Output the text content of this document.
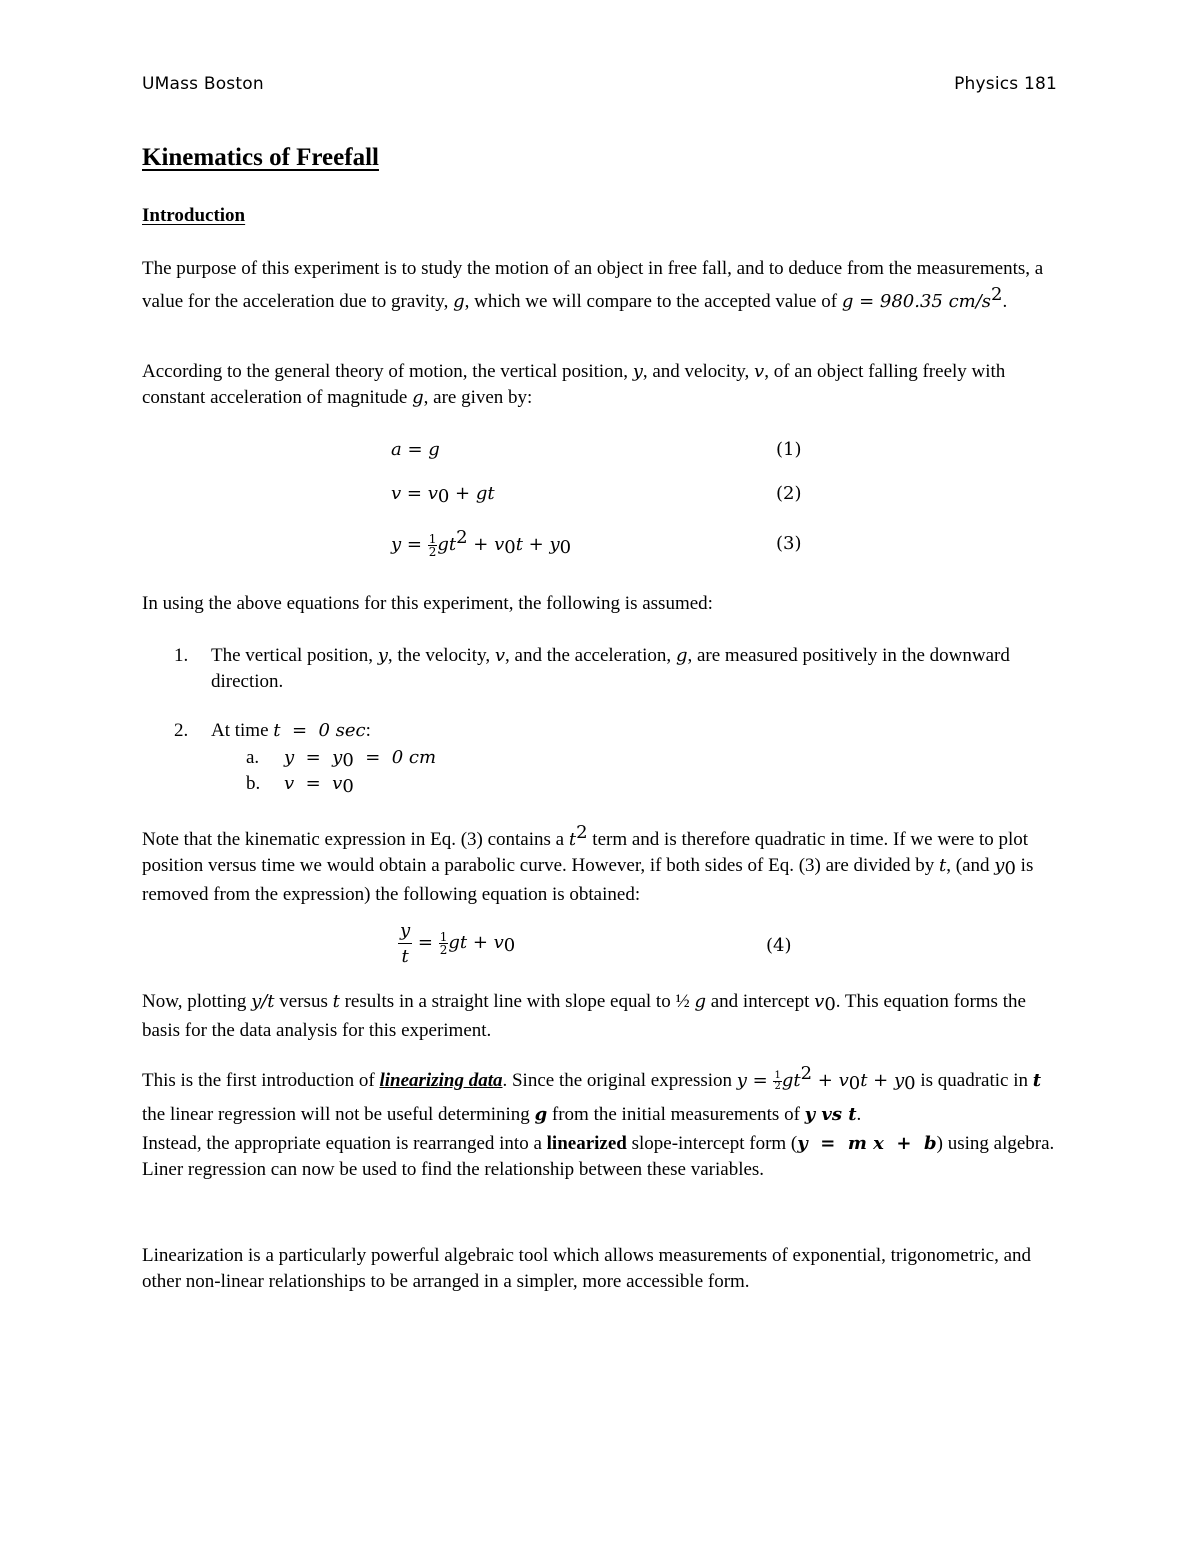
UMass Boston	Physics 181
Kinematics of Freefall
Introduction
The purpose of this experiment is to study the motion of an object in free fall, and to deduce from the measurements, a value for the acceleration due to gravity, g, which we will compare to the accepted value of g = 980.35 $cm/s^2$.
According to the general theory of motion, the vertical position, y, and velocity, v, of an object falling freely with constant acceleration of magnitude g, are given by:
a = g	(1)
$v = v_0$ + gt	(2)
$y = \frac{1}{2} gt^2 + v_0t + y_0$	(3)
In using the above equations for this experiment, the following is assumed:
1. The vertical position, y, the velocity, v, and the acceleration, g, are measured positively in the downward direction.
2. At time t  =  0 sec:
a. $y = y_0 = 0$ cm
b. $v = v_0$
Note that the kinematic expression in Eq. (3) contains a $t^2$ term and is therefore quadratic in time. If we were to plot position versus time we would obtain a parabolic curve. However, if both sides of Eq. (3) are divided by t, (and $y_0$ is removed from the expression) the following equation is obtained:
$\frac{y}{t} = \frac{1}{2}$ gt + $v_0$	(4)
Now, plotting y/t versus t results in a straight line with slope equal to ½ g and intercept $v_0$. This equation forms the basis for the data analysis for this experiment.
This is the first introduction of linearizing data. Since the original expression $y = \frac{1}{2} gt^2 + v_0t + y_0$ is quadratic in t the linear regression will not be useful determining g from the initial measurements of y vs t.
Instead, the appropriate equation is rearranged into a linearized slope-intercept form (y  =  m x  +  b) using algebra. Liner regression can now be used to find the relationship between these variables.
Linearization is a particularly powerful algebraic tool which allows measurements of exponential, trigonometric, and other non-linear relationships to be arranged in a simpler, more accessible form.
